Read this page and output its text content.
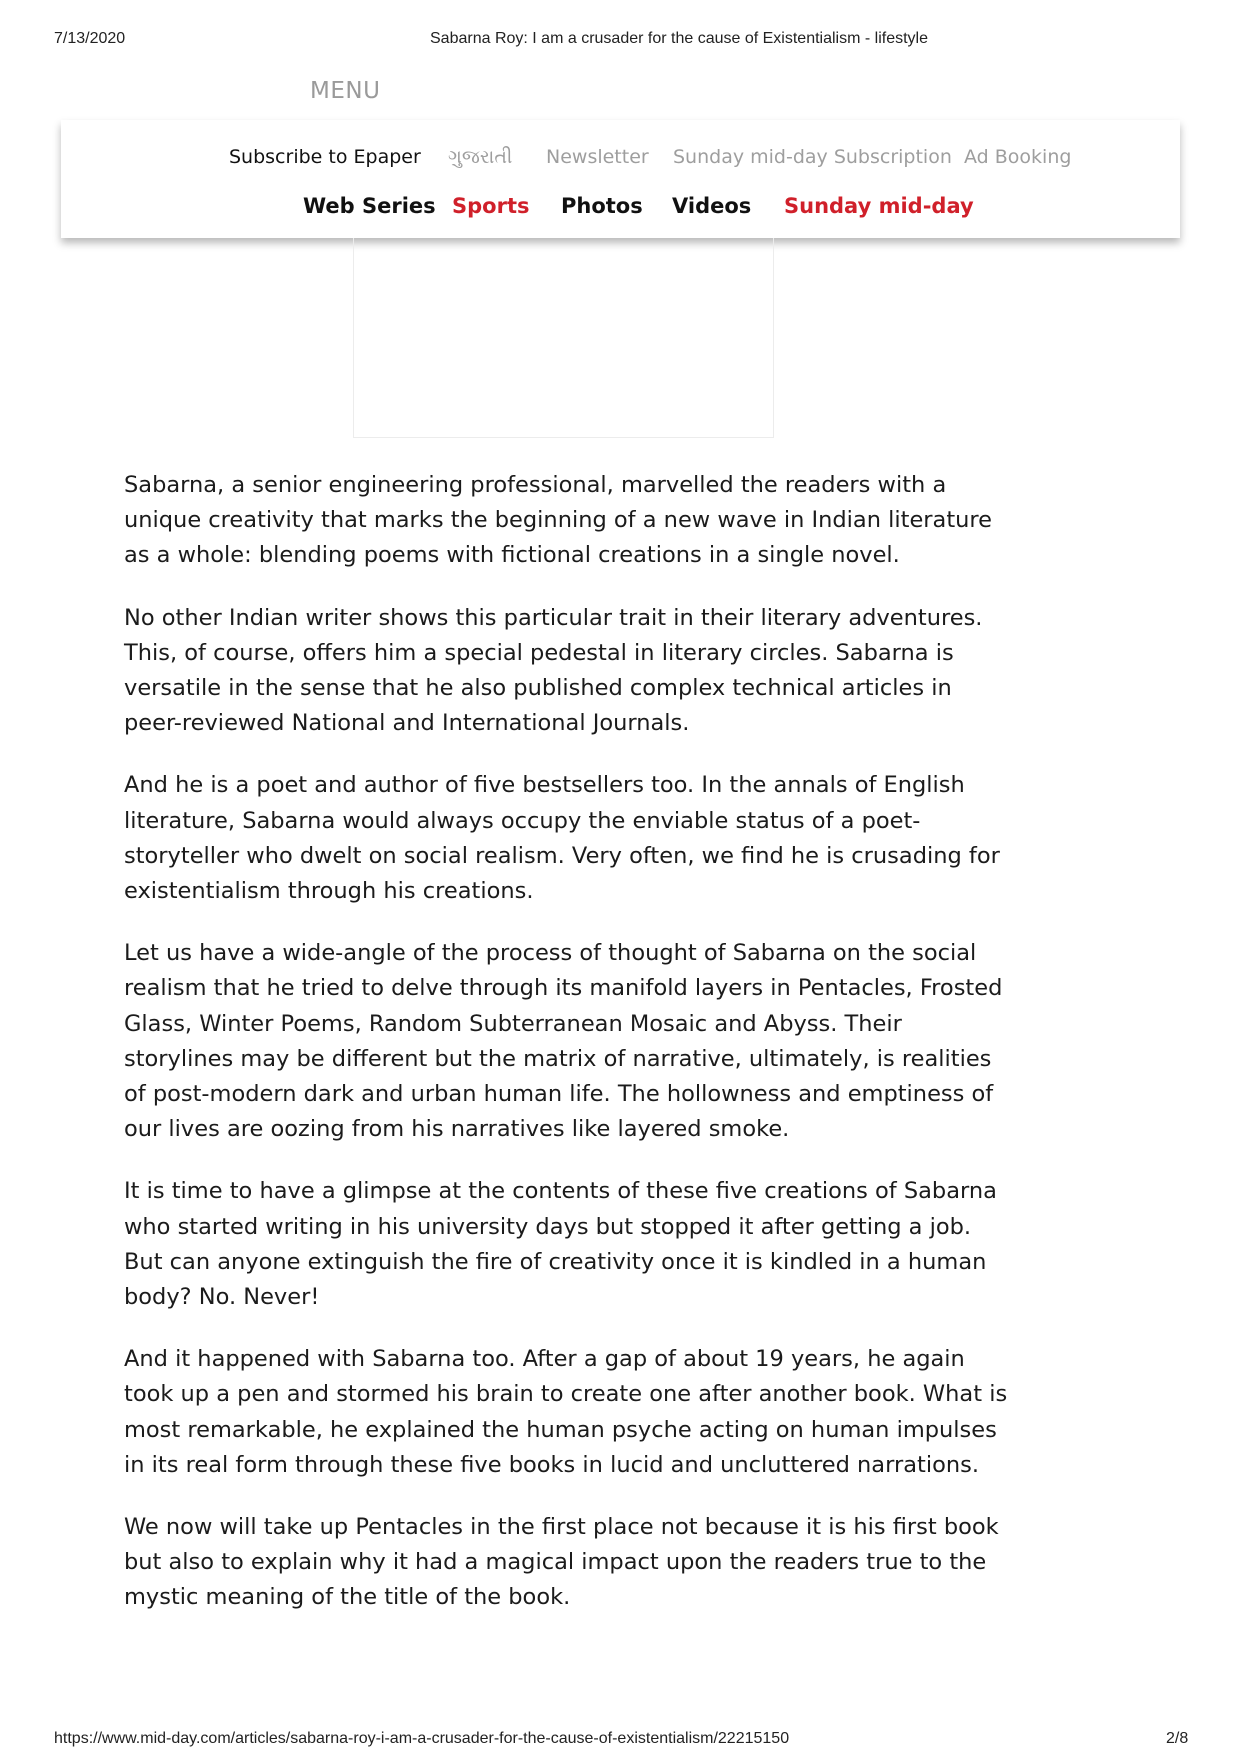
7/13/2020	Sabarna Roy: I am a crusader for the cause of Existentialism - lifestyle
MENU
Subscribe to Epaper ગુજરાતી Newsletter Sunday mid-day Subscription Ad Booking
Web Series Sports Photos Videos Sunday mid-day

Sabarna, a senior engineering professional, marvelled the readers with a unique creativity that marks the beginning of a new wave in Indian literature as a whole: blending poems with fictional creations in a single novel.

No other Indian writer shows this particular trait in their literary adventures. This, of course, offers him a special pedestal in literary circles. Sabarna is versatile in the sense that he also published complex technical articles in peer-reviewed National and International Journals.

And he is a poet and author of five bestsellers too. In the annals of English literature, Sabarna would always occupy the enviable status of a poet-storyteller who dwelt on social realism. Very often, we find he is crusading for existentialism through his creations.

Let us have a wide-angle of the process of thought of Sabarna on the social realism that he tried to delve through its manifold layers in Pentacles, Frosted Glass, Winter Poems, Random Subterranean Mosaic and Abyss. Their storylines may be different but the matrix of narrative, ultimately, is realities of post-modern dark and urban human life. The hollowness and emptiness of our lives are oozing from his narratives like layered smoke.

It is time to have a glimpse at the contents of these five creations of Sabarna who started writing in his university days but stopped it after getting a job. But can anyone extinguish the fire of creativity once it is kindled in a human body? No. Never!

And it happened with Sabarna too. After a gap of about 19 years, he again took up a pen and stormed his brain to create one after another book. What is most remarkable, he explained the human psyche acting on human impulses in its real form through these five books in lucid and uncluttered narrations.

We now will take up Pentacles in the first place not because it is his first book but also to explain why it had a magical impact upon the readers true to the mystic meaning of the title of the book.

https://www.mid-day.com/articles/sabarna-roy-i-am-a-crusader-for-the-cause-of-existentialism/22215150	2/8
